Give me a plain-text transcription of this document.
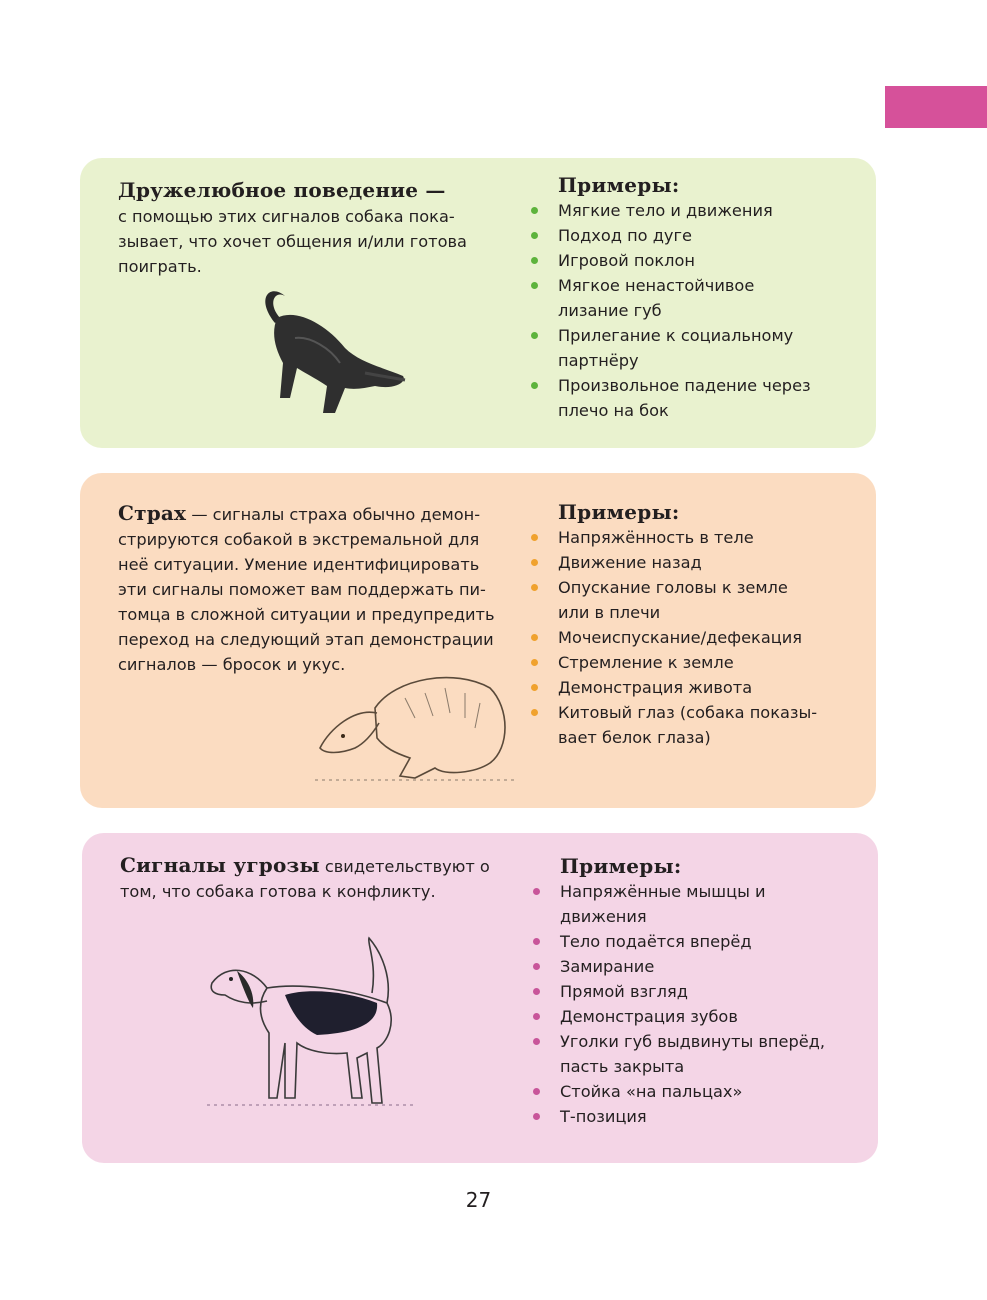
Дружелюбное поведение —
с помощью этих сигналов собака показывает, что хочет общения и/или готова поиграть.
Примеры:
Мягкие тело и движения
Подход по дуге
Игровой поклон
Мягкое ненастойчивое лизание губ
Прилегание к социальному партнёру
Произвольное падение через плечо на бок
Страх — сигналы страха обычно демонстрируются собакой в экстремальной для неё ситуации. Умение идентифицировать эти сигналы поможет вам поддержать питомца в сложной ситуации и предупредить переход на следующий этап демонстрации сигналов — бросок и укус.
Примеры:
Напряжённость в теле
Движение назад
Опускание головы к земле или в плечи
Мочеиспускание/дефекация
Стремление к земле
Демонстрация живота
Китовый глаз (собака показывает белок глаза)
Сигналы угрозы свидетельствуют о том, что собака готова к конфликту.
Примеры:
Напряжённые мышцы и движения
Тело подаётся вперёд
Замирание
Прямой взгляд
Демонстрация зубов
Уголки губ выдвинуты вперёд, пасть закрыта
Стойка «на пальцах»
Т-позиция
27
